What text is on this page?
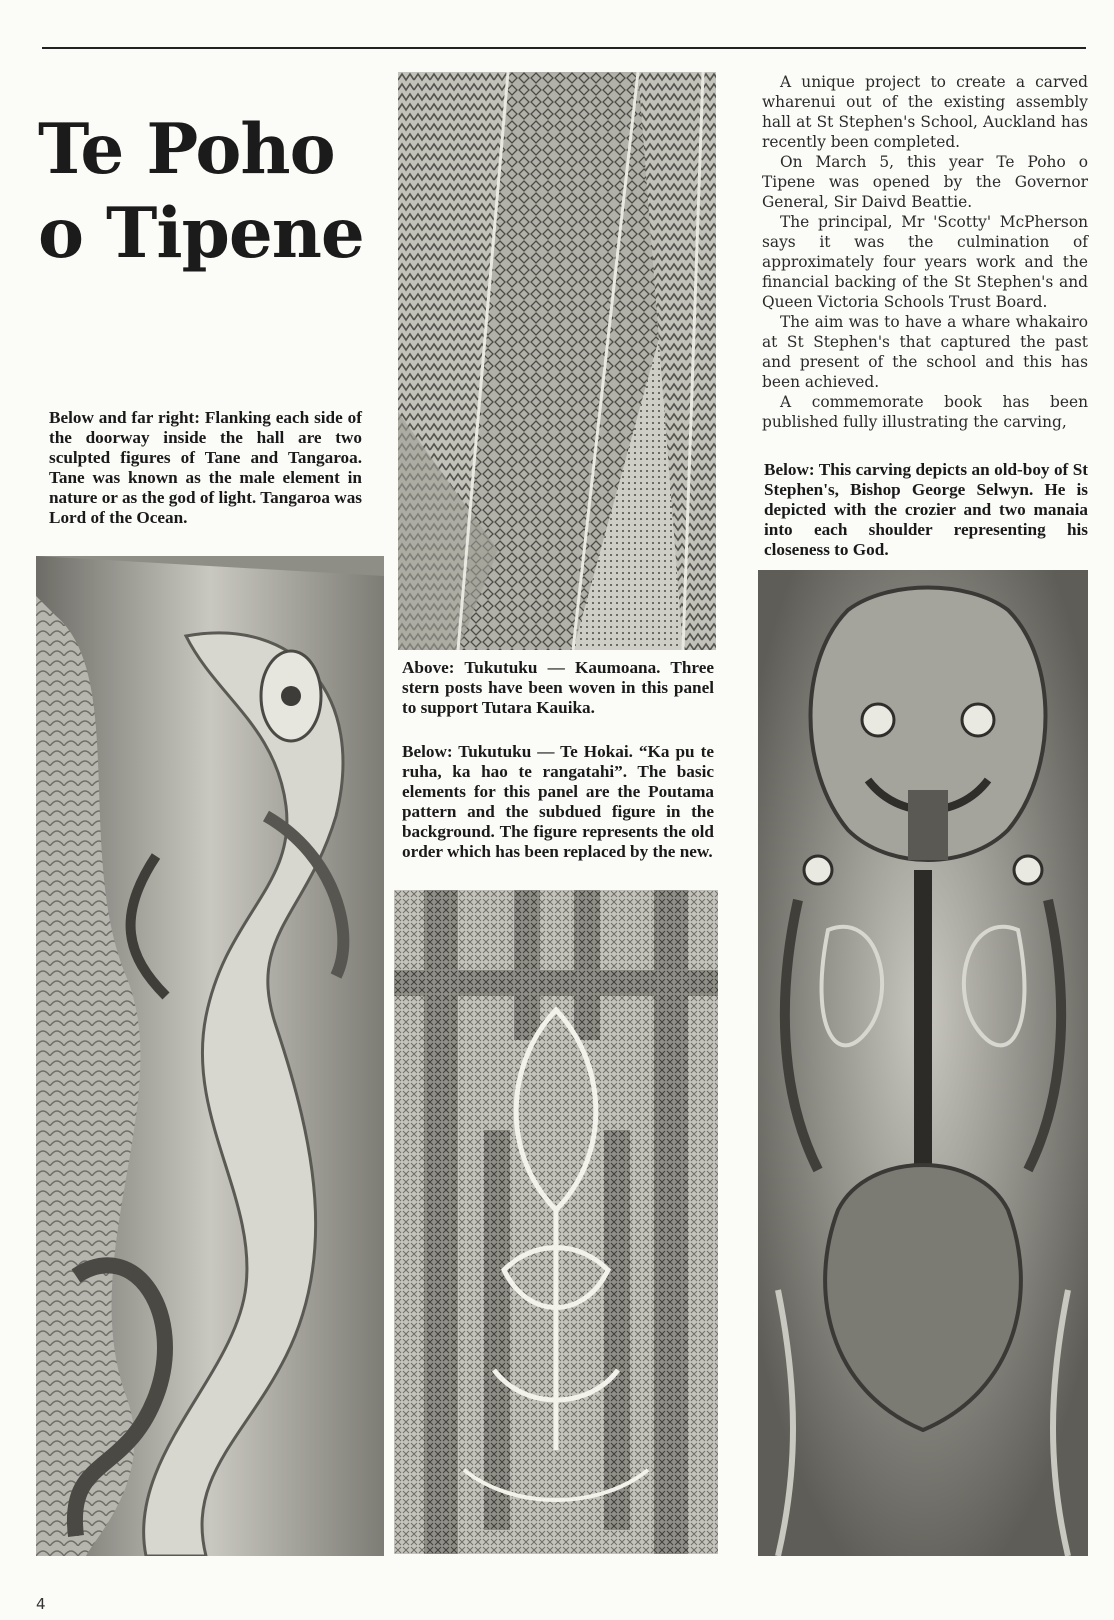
Te Poho
o Tipene

Below and far right: Flanking each side of the doorway inside the hall are two sculpted figures of Tane and Tangaroa. Tane was known as the male element in nature or as the god of light. Tangaroa was Lord of the Ocean.

Above: Tukutuku — Kaumoana. Three stern posts have been woven in this panel to support Tutara Kauika.

Below: Tukutuku — Te Hokai. “Ka pu te ruha, ka hao te rangatahi”. The basic elements for this panel are the Poutama pattern and the subdued figure in the background. The figure represents the old order which has been replaced by the new.

A unique project to create a carved wharenui out of the existing assembly hall at St Stephen's School, Auckland has recently been completed.

On March 5, this year Te Poho o Tipene was opened by the Governor General, Sir Daivd Beattie.

The principal, Mr 'Scotty' McPherson says it was the culmination of approximately four years work and the financial backing of the St Stephen's and Queen Victoria Schools Trust Board.

The aim was to have a whare whakairo at St Stephen's that captured the past and present of the school and this has been achieved.

A commemorate book has been published fully illustrating the carving,

Below: This carving depicts an old-boy of St Stephen's, Bishop George Selwyn. He is depicted with the crozier and two manaia into each shoulder representing his closeness to God.

4
